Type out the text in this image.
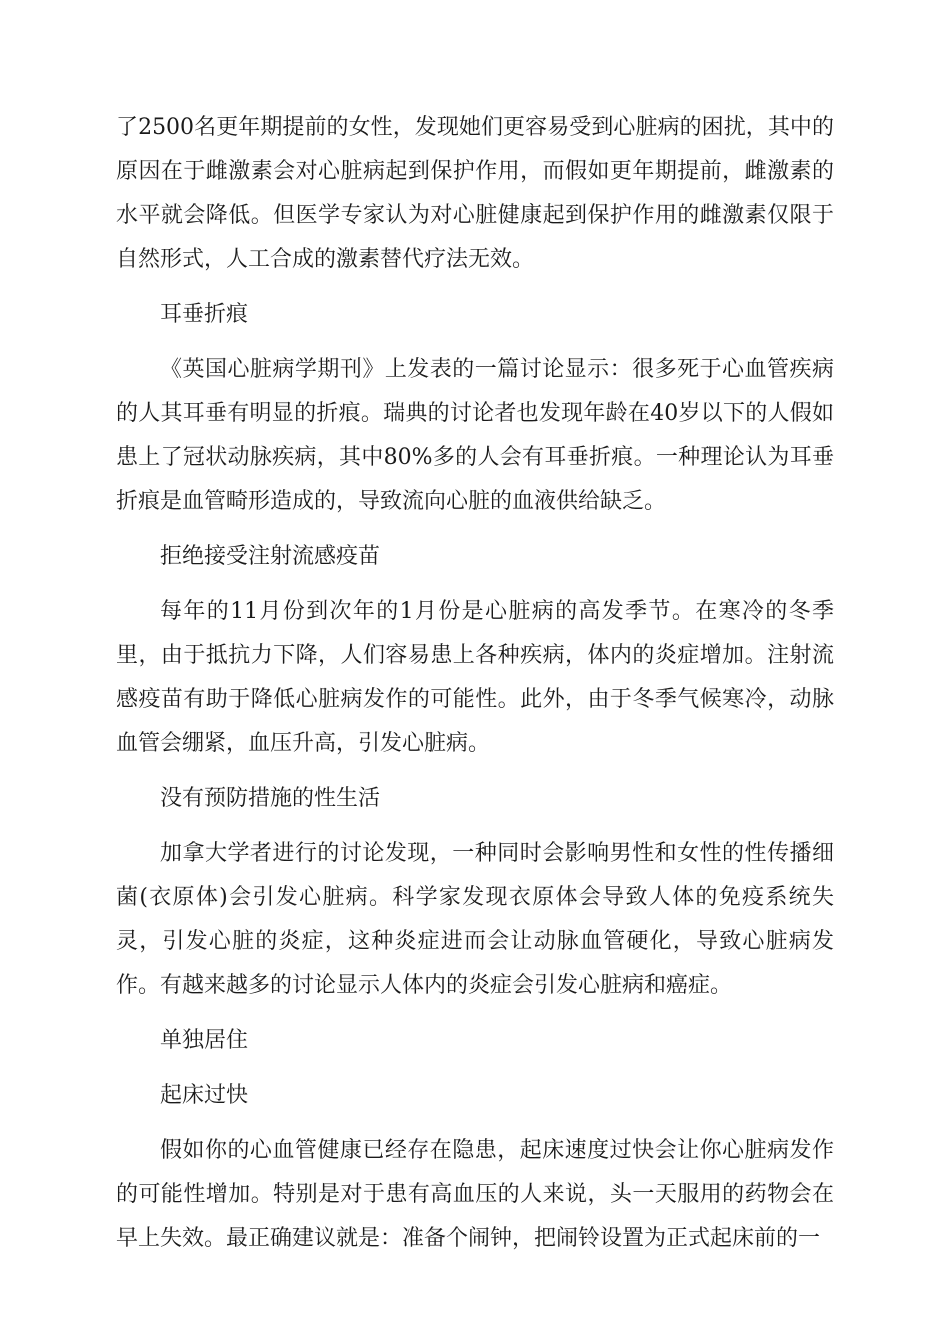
了2500名更年期提前的女性，发现她们更容易受到心脏病的困扰，其中的原因在于雌激素会对心脏病起到保护作用，而假如更年期提前，雌激素的水平就会降低。但医学专家认为对心脏健康起到保护作用的雌激素仅限于自然形式，人工合成的激素替代疗法无效。

耳垂折痕

《英国心脏病学期刊》上发表的一篇讨论显示：很多死于心血管疾病的人其耳垂有明显的折痕。瑞典的讨论者也发现年龄在40岁以下的人假如患上了冠状动脉疾病，其中80%多的人会有耳垂折痕。一种理论认为耳垂折痕是血管畸形造成的，导致流向心脏的血液供给缺乏。

拒绝接受注射流感疫苗

每年的11月份到次年的1月份是心脏病的高发季节。在寒冷的冬季里，由于抵抗力下降，人们容易患上各种疾病，体内的炎症增加。注射流感疫苗有助于降低心脏病发作的可能性。此外，由于冬季气候寒冷，动脉血管会绷紧，血压升高，引发心脏病。

没有预防措施的性生活

加拿大学者进行的讨论发现，一种同时会影响男性和女性的性传播细菌(衣原体)会引发心脏病。科学家发现衣原体会导致人体的免疫系统失灵，引发心脏的炎症，这种炎症进而会让动脉血管硬化，导致心脏病发作。有越来越多的讨论显示人体内的炎症会引发心脏病和癌症。

单独居住

起床过快

假如你的心血管健康已经存在隐患，起床速度过快会让你心脏病发作的可能性增加。特别是对于患有高血压的人来说，头一天服用的药物会在早上失效。最正确建议就是：准备个闹钟，把闹铃设置为正式起床前的一
